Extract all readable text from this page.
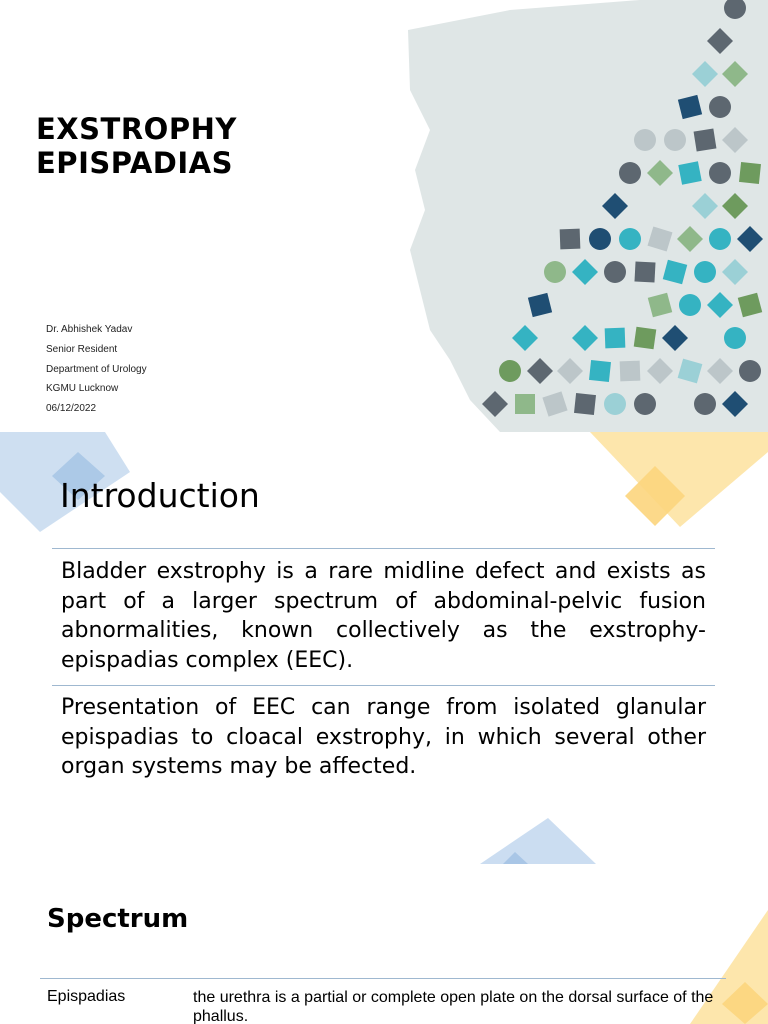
EXSTROPHY
EPISPADIAS
Dr. Abhishek Yadav
Senior Resident
Department of Urology
KGMU Lucknow
06/12/2022
Introduction

Bladder exstrophy is a rare midline defect and exists as part of a larger spectrum of abdominal-pelvic fusion abnormalities, known collectively as the exstrophy-epispadias complex (EEC).

Presentation of EEC can range from isolated glanular epispadias to cloacal exstrophy, in which several other organ systems may be affected.

Spectrum
Epispadias	the urethra is a partial or complete open plate on the dorsal surface of the phallus.
